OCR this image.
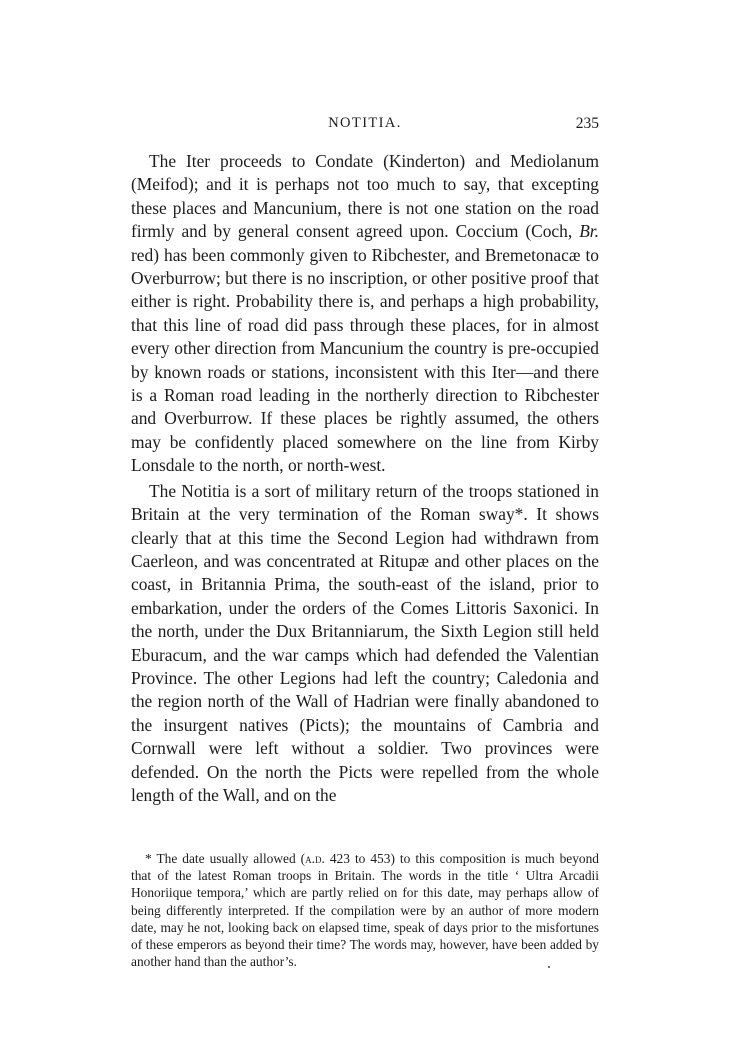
NOTITIA.	235

The Iter proceeds to Condate (Kinderton) and Mediolanum (Meifod); and it is perhaps not too much to say, that excepting these places and Mancunium, there is not one station on the road firmly and by general consent agreed upon. Coccium (Coch, Br. red) has been commonly given to Ribchester, and Bremetonacæ to Overburrow; but there is no inscription, or other positive proof that either is right. Probability there is, and perhaps a high probability, that this line of road did pass through these places, for in almost every other direction from Mancunium the country is pre-occupied by known roads or stations, inconsistent with this Iter—and there is a Roman road leading in the northerly direction to Ribchester and Overburrow. If these places be rightly assumed, the others may be confidently placed somewhere on the line from Kirby Lonsdale to the north, or north-west.

The Notitia is a sort of military return of the troops stationed in Britain at the very termination of the Roman sway*. It shows clearly that at this time the Second Legion had withdrawn from Caerleon, and was concentrated at Ritupæ and other places on the coast, in Britannia Prima, the south-east of the island, prior to embarkation, under the orders of the Comes Littoris Saxonici. In the north, under the Dux Britanniarum, the Sixth Legion still held Eburacum, and the war camps which had defended the Valentian Province. The other Legions had left the country; Caledonia and the region north of the Wall of Hadrian were finally abandoned to the insurgent natives (Picts); the mountains of Cambria and Cornwall were left without a soldier. Two provinces were defended. On the north the Picts were repelled from the whole length of the Wall, and on the

* The date usually allowed (a.d. 423 to 453) to this composition is much beyond that of the latest Roman troops in Britain. The words in the title ‘ Ultra Arcadii Honoriique tempora,’ which are partly relied on for this date, may perhaps allow of being differently interpreted. If the compilation were by an author of more modern date, may he not, looking back on elapsed time, speak of days prior to the misfortunes of these emperors as beyond their time? The words may, however, have been added by another hand than the author’s.
